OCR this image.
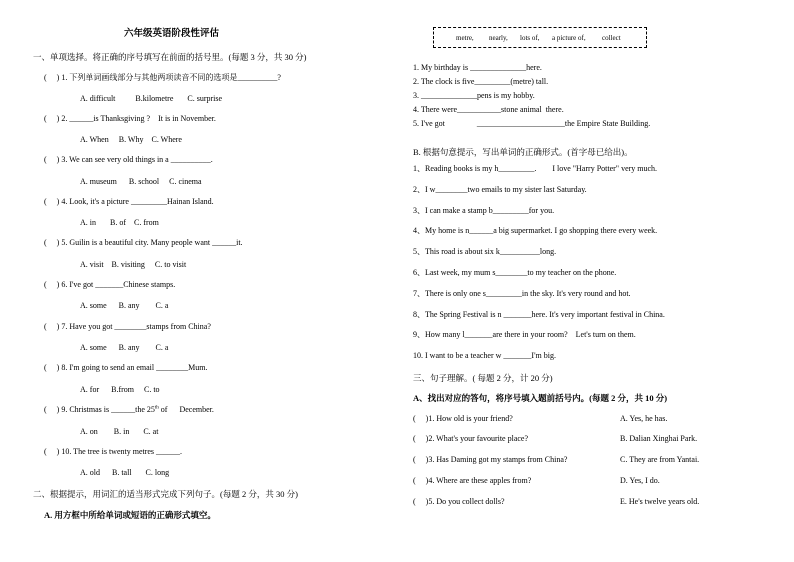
六年级英语阶段性评估
一、单项选择。将正确的序号填写在前面的括号里。(每题 3 分，共 30 分)
(     ) 1. 下列单词画线部分与其他两项读音不同的选项是__________?
A. difficult          B.kilometre       C. surprise
(     ) 2. ______is Thanksgiving ?    It is in November.
A. When     B. Why    C. Where
(     ) 3. We can see very old things in a __________.
A. museum      B. school     C. cinema
(     ) 4. Look, it's a picture _________Hainan Island.
A. in       B. of    C. from
(     ) 5. Guilin is a beautiful city. Many people want ______it.
A. visit    B. visiting     C. to visit
(     ) 6. I've got _______Chinese stamps.
A. some      B. any        C. a
(     ) 7. Have you got ________stamps from China?
A. some      B. any        C. a
(     ) 8. I'm going to send an email ________Mum.
A. for      B.from     C. to
(     ) 9. Christmas is ______the 25th of      December.
A. on        B. in       C. at
(     ) 10. The tree is twenty metres ______.
A. old      B. tall       C. long
二、根据提示，用词汇的适当形式完成下列句子。(每题 2 分，共 30 分)
A. 用方框中所给单词或短语的正确形式填空。
metre, nearly, lots of, a picture of, collect
1. My birthday is ______________here.
2. The clock is five_________(metre) tall.
3. ______________pens is my hobby.
4. There were___________stone animal  there.
5. I've got                ______________________the Empire State Building.
B. 根据句意提示，写出单词的正确形式。(首字母已给出)。
1、Reading books is my h_________.        I love "Harry Potter" very much.
2、I w________two emails to my sister last Saturday.
3、I can make a stamp b_________for you.
4、My home is n______a big supermarket. I go shopping there every week.
5、This road is about six k__________long.
6、Last week, my mum s________to my teacher on the phone.
7、There is only one s_________in the sky. It's very round and hot.
8、The Spring Festival is n _______here. It's very important festival in China.
9、How many l_______are there in your room?    Let's turn on them.
10. I want to be a teacher w _______I'm big.
三、句子理解。( 每题 2 分，计 20 分)
A、找出对应的答句，将序号填入题前括号内。(每题 2 分，共 10 分)
(     )1. How old is your friend?	A. Yes, he has.
(     )2. What's your favourite place?	B. Dalian Xinghai Park.
(     )3. Has Daming got my stamps from China?	C. They are from Yantai.
(     )4. Where are these apples from?	D. Yes, I do.
(     )5. Do you collect dolls?	E. He's twelve years old.
